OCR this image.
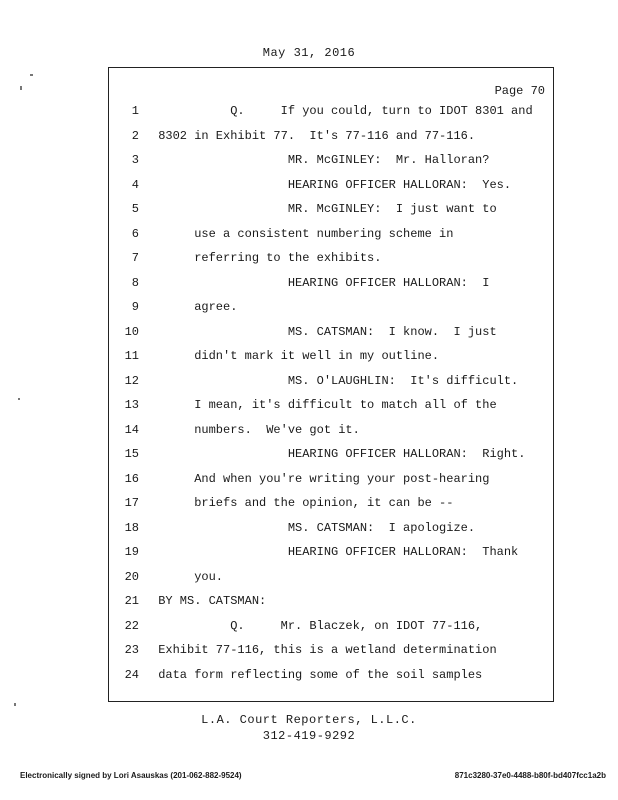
May 31, 2016
Page 70
1 Q.     If you could, turn to IDOT 8301 and
2 8302 in Exhibit 77.  It's 77-116 and 77-116.
3 MR. McGINLEY:  Mr. Halloran?
4 HEARING OFFICER HALLORAN:  Yes.
5 MR. McGINLEY:  I just want to
6 use a consistent numbering scheme in
7 referring to the exhibits.
8 HEARING OFFICER HALLORAN:  I
9 agree.
10 MS. CATSMAN:  I know.  I just
11 didn't mark it well in my outline.
12 MS. O'LAUGHLIN:  It's difficult.
13 I mean, it's difficult to match all of the
14 numbers.  We've got it.
15 HEARING OFFICER HALLORAN:  Right.
16 And when you're writing your post-hearing
17 briefs and the opinion, it can be --
18 MS. CATSMAN:  I apologize.
19 HEARING OFFICER HALLORAN:  Thank
20 you.
21 BY MS. CATSMAN:
22 Q.     Mr. Blaczek, on IDOT 77-116,
23 Exhibit 77-116, this is a wetland determination
24 data form reflecting some of the soil samples
L.A. Court Reporters, L.L.C.
312-419-9292
Electronically signed by Lori Asauskas (201-062-882-9524)	871c3280-37e0-4488-b80f-bd407fcc1a2b
